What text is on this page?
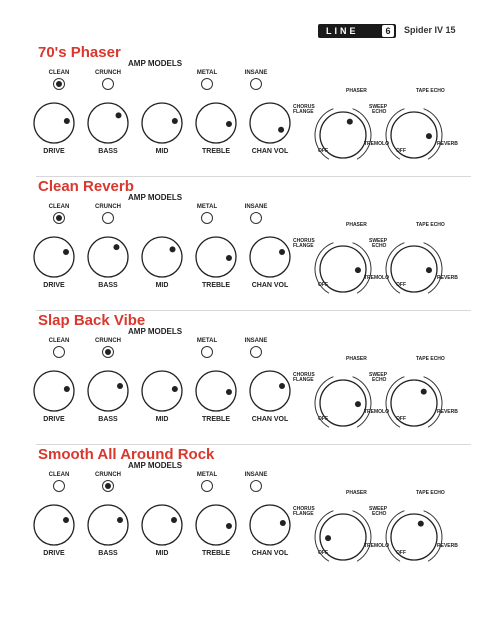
LINE	6	Spider IV 15
70's Phaser
AMP MODELS
CLEAN	CRUNCH	METAL	INSANE
DRIVE	BASS	MID	TREBLE	CHAN VOL
PHASER	TAPE ECHO
CHORUS
FLANGE
SWEEP
ECHO
TREMOLO	REVERB
OFF	OFF
Clean Reverb
AMP MODELS
CLEAN	CRUNCH	METAL	INSANE
DRIVE	BASS	MID	TREBLE	CHAN VOL
PHASER	TAPE ECHO
CHORUS
FLANGE
SWEEP
ECHO
TREMOLO	REVERB
OFF	OFF
Slap Back Vibe
AMP MODELS
CLEAN	CRUNCH	METAL	INSANE
DRIVE	BASS	MID	TREBLE	CHAN VOL
PHASER	TAPE ECHO
CHORUS
FLANGE
SWEEP
ECHO
TREMOLO	REVERB
OFF	OFF
Smooth All Around Rock
AMP MODELS
CLEAN	CRUNCH	METAL	INSANE
DRIVE	BASS	MID	TREBLE	CHAN VOL
PHASER	TAPE ECHO
CHORUS
FLANGE
SWEEP
ECHO
TREMOLO	REVERB
OFF	OFF
